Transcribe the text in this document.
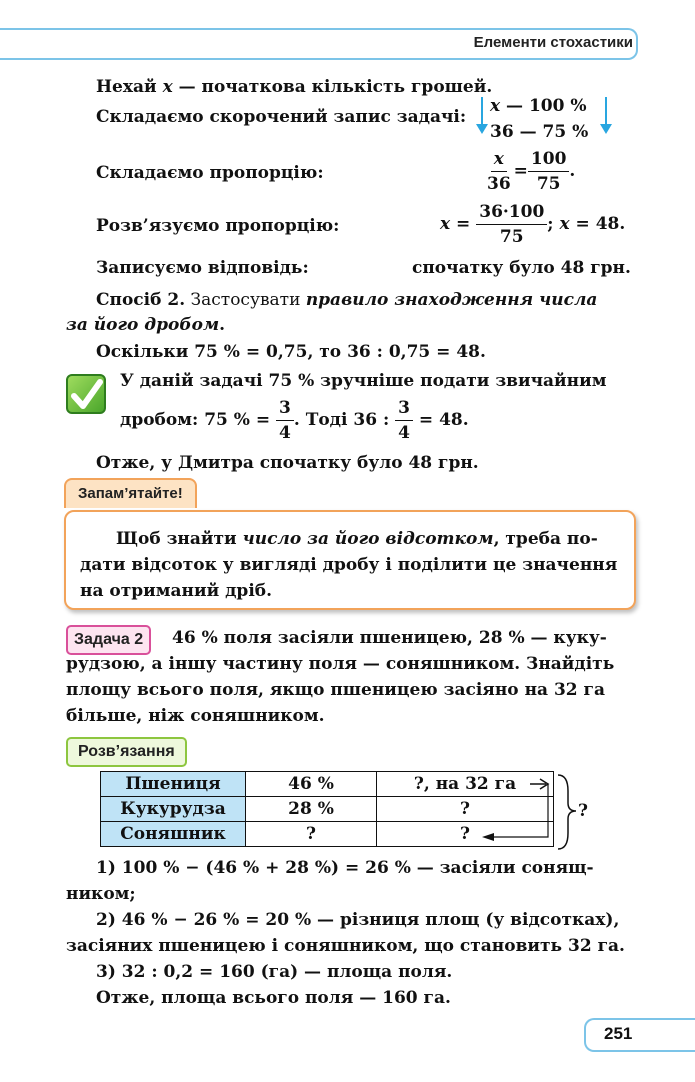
Елементи стохастики
Нехай x — початкова кількість грошей.
Складаємо скорочений запис задачі:
x — 100 %
36 — 75 %
Складаємо пропорцію:	$\frac{x}{36} = \frac{100}{75}$ .
Розв’язуємо пропорцію:	$x = \frac{36\cdot 100}{75}$ ; x = 48.
Записуємо відповідь:	спочатку було 48 грн.
Спосіб 2. Застосувати правило знаходження числа
за його дробом.
Оскільки 75 % = 0,75, то 36 : 0,75 = 48.
У даній задачі 75 % зручніше подати звичайним
дробом: 75 % = $\frac{3}{4}$ . Тоді 36 : $\frac{3}{4} = 48$.
Отже, у Дмитра спочатку було 48 грн.
Запам’ятайте!
Щоб знайти число за його відсотком, треба по-
дати відсоток у вигляді дробу і поділити це значення
на отриманий дріб.
Задача 2	46 % поля засіяли пшеницею, 28 % — куку-
рудзою, а іншу частину поля — соняшником. Знайдіть
площу всього поля, якщо пшеницею засіяно на 32 га
більше, ніж соняшником.
Розв’язання
Пшениця	46 %	?, на 32 га
Кукурудза	28 %	?
Соняшник	?	?
?
1) 100 % − (46 % + 28 %) = 26 % — засіяли сонящ-
ником;
2) 46 % − 26 % = 20 % — різниця площ (у відсотках),
засіяних пшеницею і соняшником, що становить 32 га.
3) 32 : 0,2 = 160 (га) — площа поля.
Отже, площа всього поля — 160 га.
251
